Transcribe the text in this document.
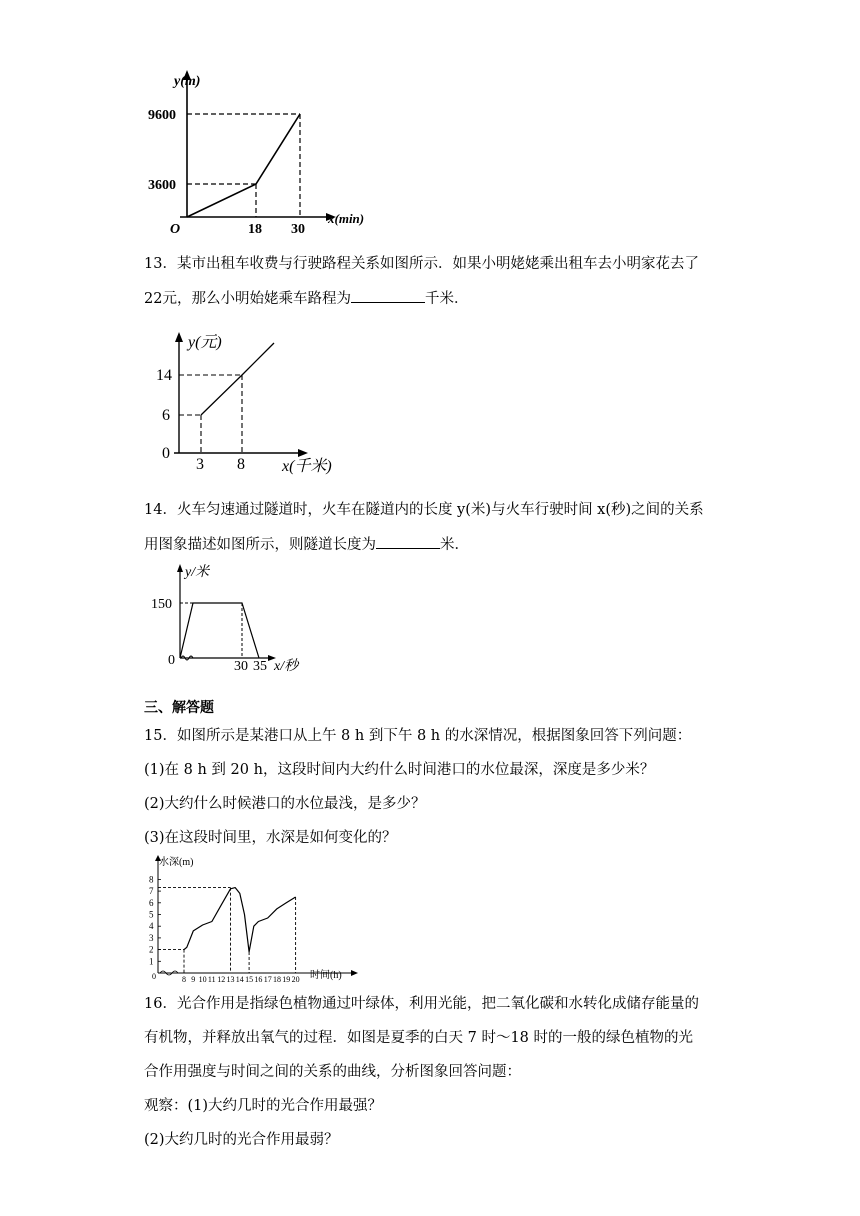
y(m)
9600
3600
O	18 30
x(min)
13．某市出租车收费与行驶路程关系如图所示．如果小明姥姥乘出租车去小明家花去了
22元，那么小明始姥乘车路程为	千米．
y(元)
14
6
0
3 8 x(千米)
14．火车匀速通过隧道时，火车在隧道内的长度 y(米)与火车行驶时间 x(秒)之间的关系
用图象描述如图所示，则隧道长度为	米．
y/米
150
0	30 35 x/秒
三、解答题
15．如图所示是某港口从上午 8 h 到下午 8 h 的水深情况，根据图象回答下列问题：
(1)在 8 h 到 20 h，这段时间内大约什么时间港口的水位最深，深度是多少米？
(2)大约什么时候港口的水位最浅，是多少？
(3)在这段时间里，水深是如何变化的？
1
2
3
4
5
6
7
8
8 9 10 11 12 13 14 15 16 17 18 19 20
水深(m)
时间(h)
0
16．光合作用是指绿色植物通过叶绿体，利用光能，把二氧化碳和水转化成储存能量的
有机物，并释放出氧气的过程．如图是夏季的白天 7 时～18 时的一般的绿色植物的光
合作用强度与时间之间的关系的曲线，分析图象回答问题：
观察：(1)大约几时的光合作用最强？
(2)大约几时的光合作用最弱？
